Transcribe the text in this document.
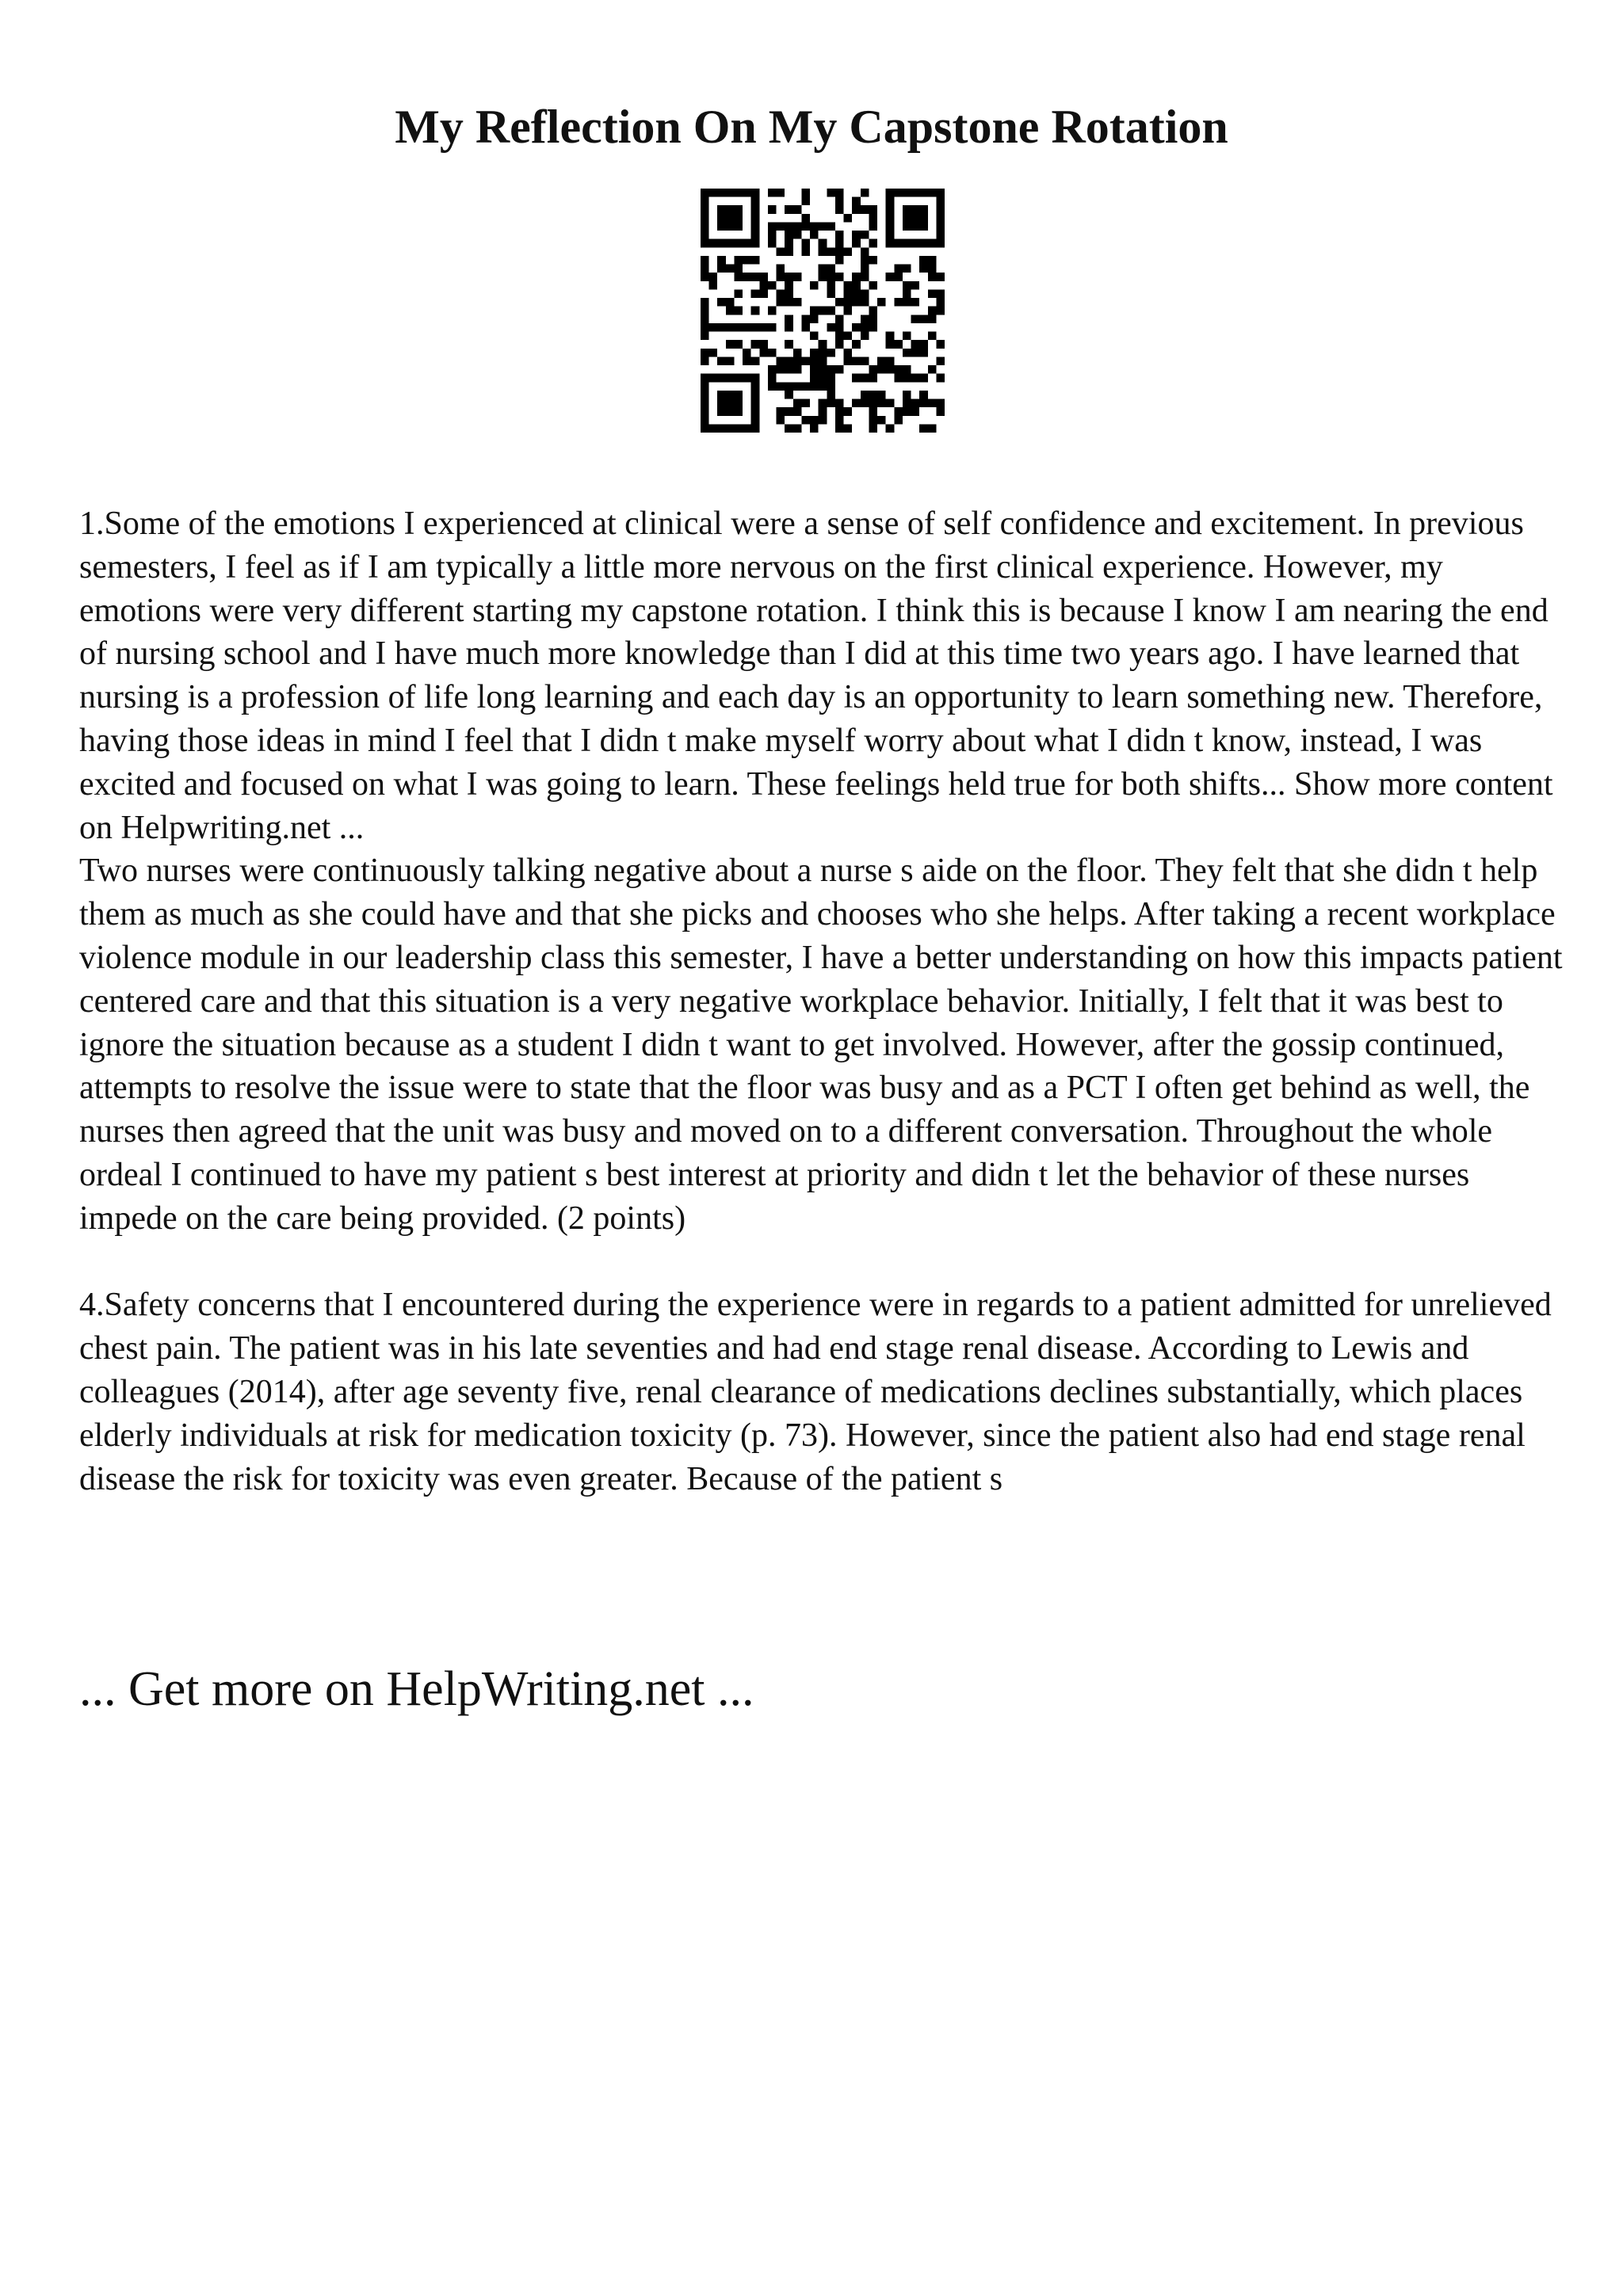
My Reflection On My Capstone Rotation

1.Some of the emotions I experienced at clinical were a sense of self confidence and excitement. In previous semesters, I feel as if I am typically a little more nervous on the first clinical experience. However, my emotions were very different starting my capstone rotation. I think this is because I know I am nearing the end of nursing school and I have much more knowledge than I did at this time two years ago. I have learned that nursing is a profession of life long learning and each day is an opportunity to learn something new. Therefore, having those ideas in mind I feel that I didn t make myself worry about what I didn t know, instead, I was excited and focused on what I was going to learn. These feelings held true for both shifts... Show more content on Helpwriting.net ...

Two nurses were continuously talking negative about a nurse s aide on the floor. They felt that she didn t help them as much as she could have and that she picks and chooses who she helps. After taking a recent workplace violence module in our leadership class this semester, I have a better understanding on how this impacts patient centered care and that this situation is a very negative workplace behavior. Initially, I felt that it was best to ignore the situation because as a student I didn t want to get involved. However, after the gossip continued, attempts to resolve the issue were to state that the floor was busy and as a PCT I often get behind as well, the nurses then agreed that the unit was busy and moved on to a different conversation. Throughout the whole ordeal I continued to have my patient s best interest at priority and didn t let the behavior of these nurses impede on the care being provided. (2 points)

4.Safety concerns that I encountered during the experience were in regards to a patient admitted for unrelieved chest pain. The patient was in his late seventies and had end stage renal disease. According to Lewis and colleagues (2014), after age seventy five, renal clearance of medications declines substantially, which places elderly individuals at risk for medication toxicity (p. 73). However, since the patient also had end stage renal disease the risk for toxicity was even greater. Because of the patient s

... Get more on HelpWriting.net ...
